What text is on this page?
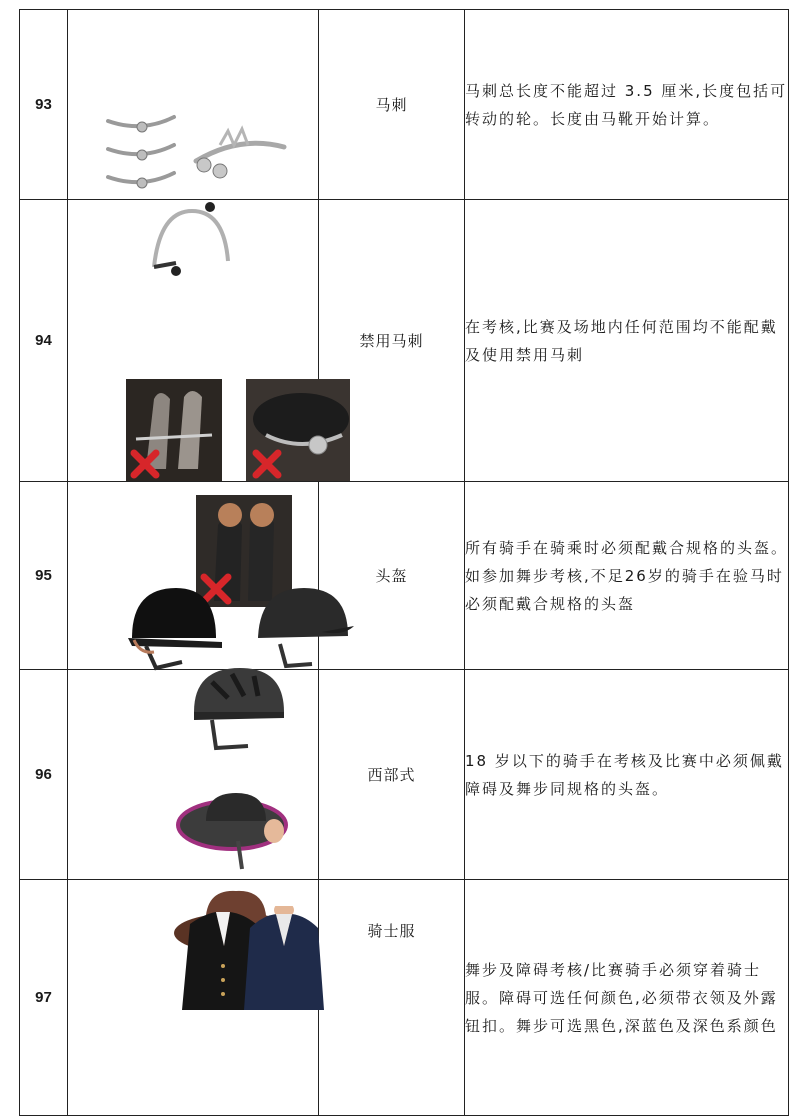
93		马刺	马刺总长度不能超过 3.5 厘米,长度包括可转动的轮。长度由马靴开始计算。
94		禁用马刺	在考核,比赛及场地内任何范围均不能配戴及使用禁用马刺
95		头盔	所有骑手在骑乘时必须配戴合规格的头盔。如参加舞步考核,不足26岁的骑手在验马时必须配戴合规格的头盔
96		西部式	18 岁以下的骑手在考核及比赛中必须佩戴障碍及舞步同规格的头盔。
97		骑士服	舞步及障碍考核/比赛骑手必须穿着骑士服。障碍可选任何颜色,必须带衣领及外露钮扣。舞步可选黑色,深蓝色及深色系颜色
